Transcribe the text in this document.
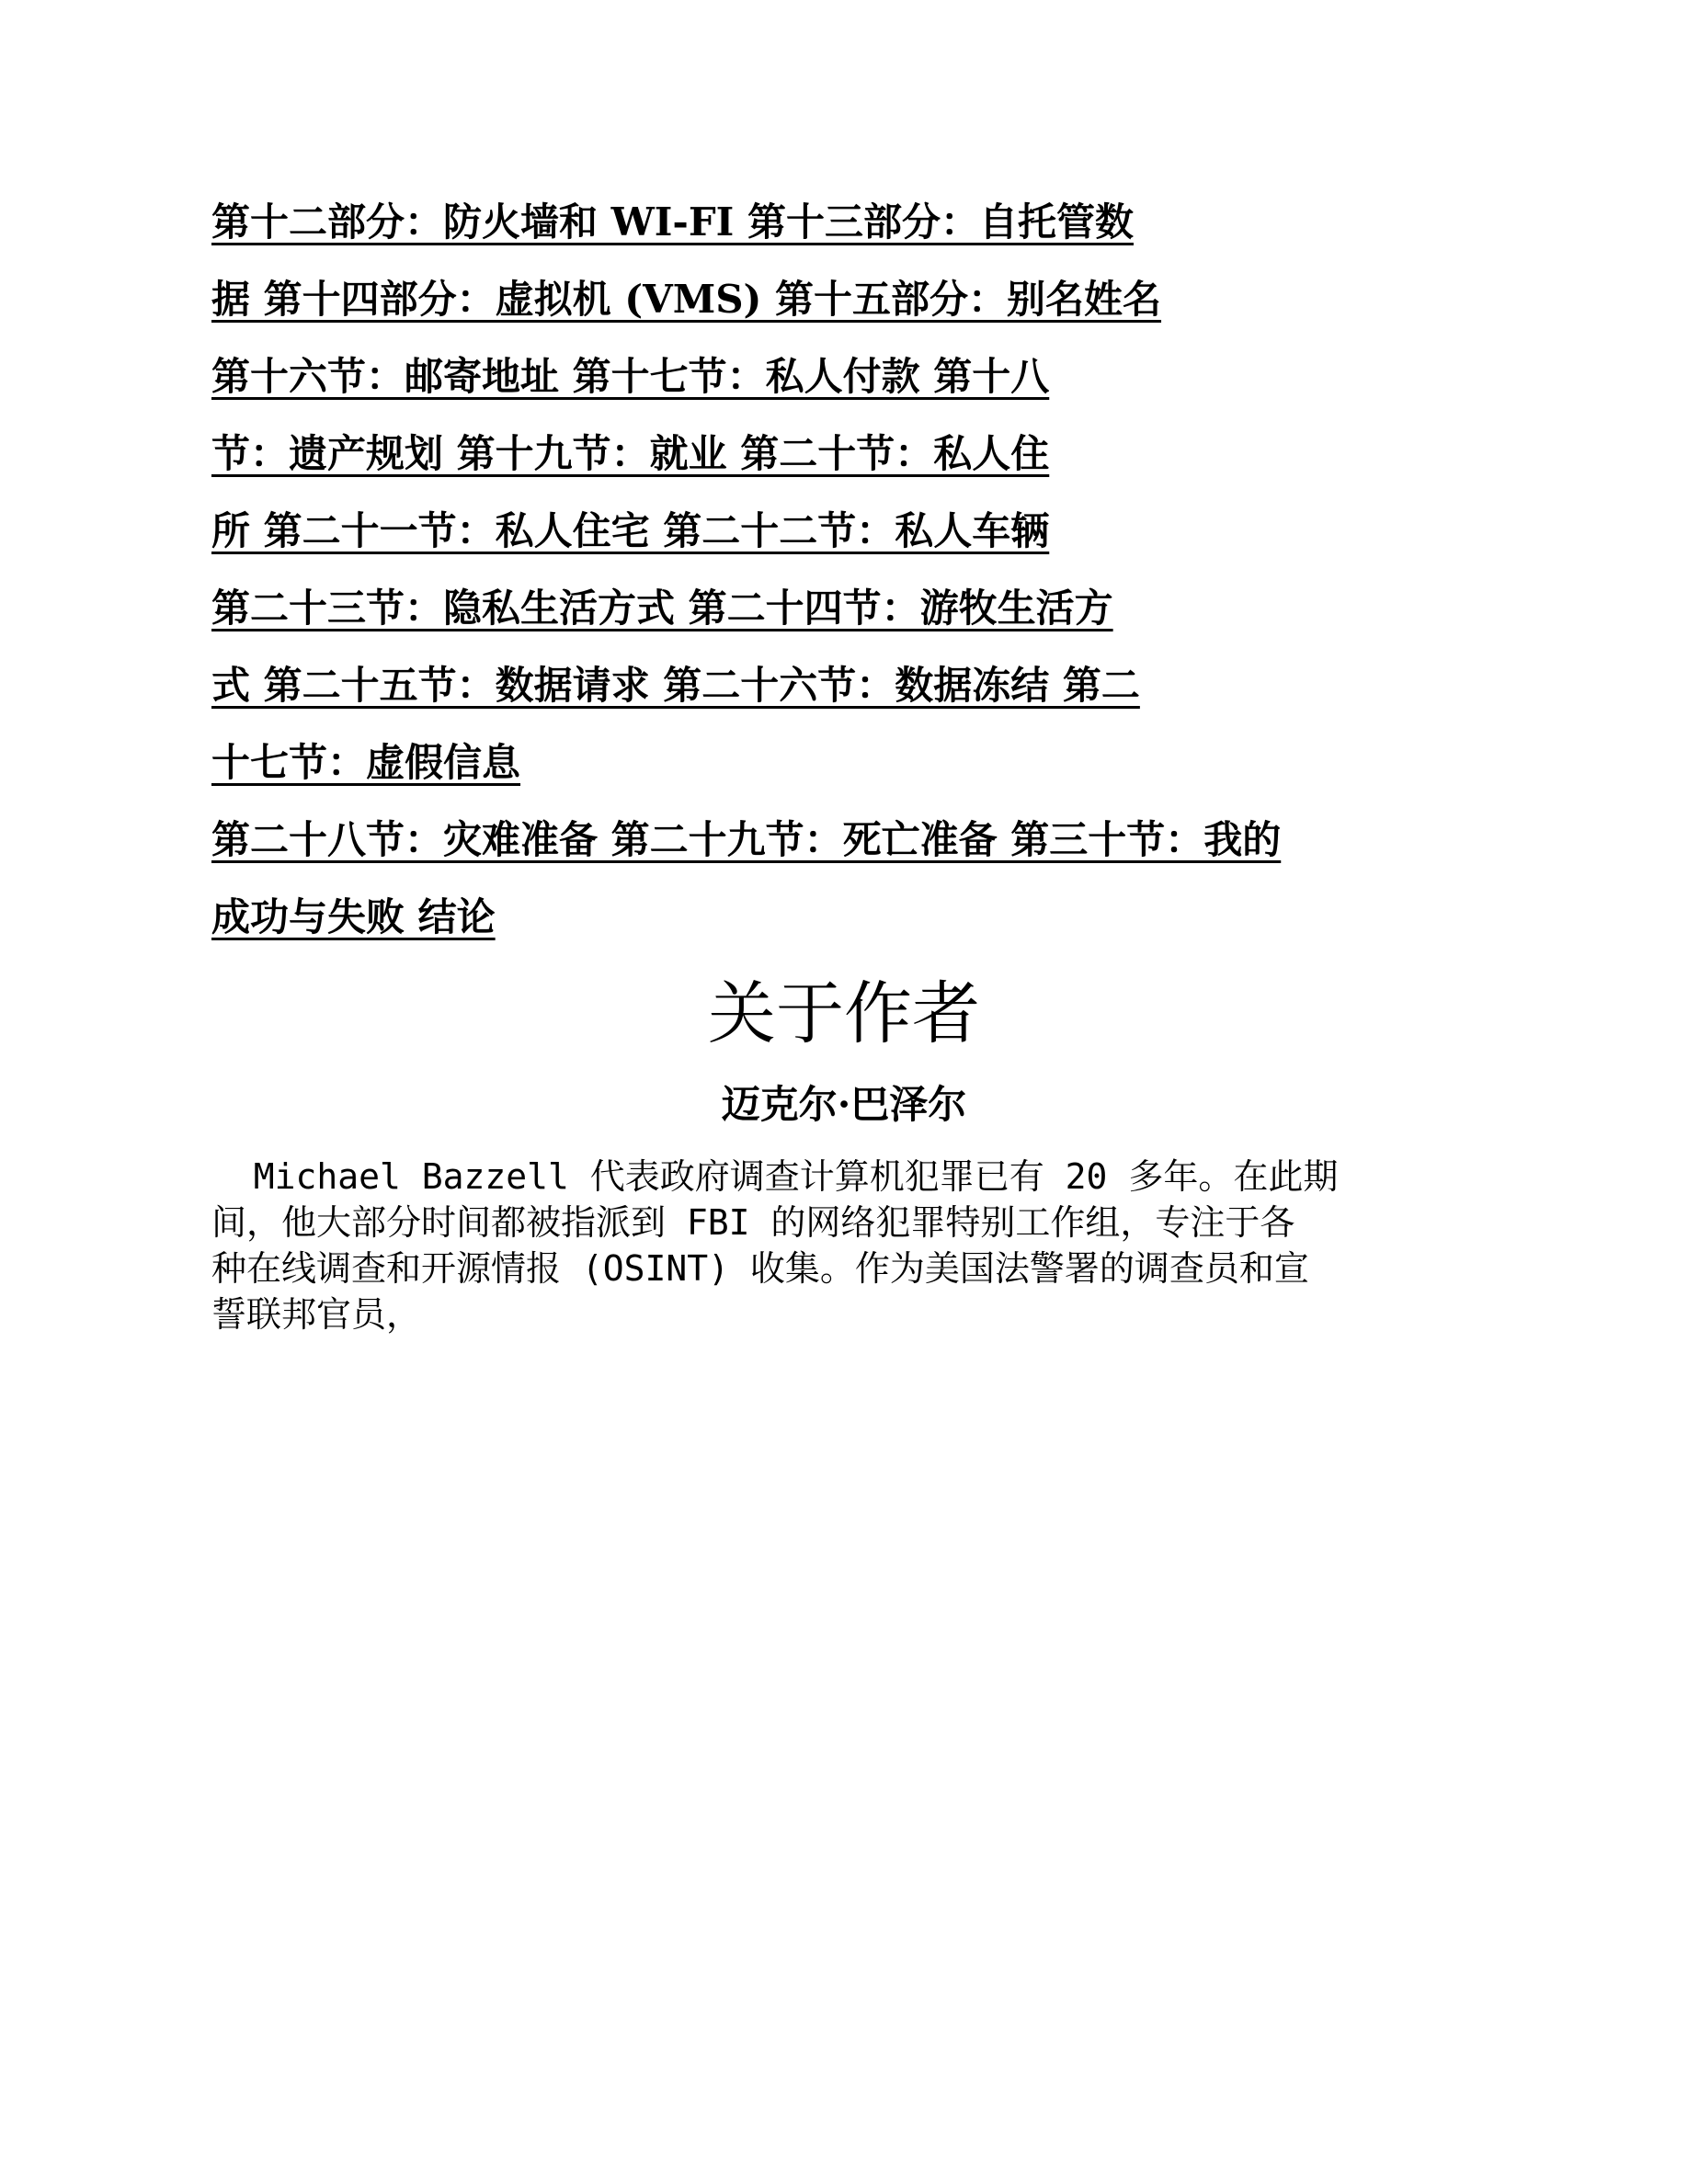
第十二部分：防火墙和 WI-FI 第十三部分：自托管数
据 第十四部分：虚拟机 (VMS) 第十五部分：别名姓名
第十六节：邮寄地址 第十七节：私人付款 第十八
节：遗产规划 第十九节：就业 第二十节：私人住
所 第二十一节：私人住宅 第二十二节：私人车辆
第二十三节：隐私生活方式 第二十四节：游牧生活方
式 第二十五节：数据请求 第二十六节：数据冻结 第二
十七节：虚假信息
第二十八节：灾难准备 第二十九节：死亡准备 第三十节：我的
成功与失败 结论
关于作者
迈克尔·巴泽尔
Michael Bazzell 代表政府调查计算机犯罪已有 20 多年。在此期
间，他大部分时间都被指派到 FBI 的网络犯罪特别工作组，专注于各
种在线调查和开源情报 (OSINT) 收集。作为美国法警署的调查员和宣
誓联邦官员，
